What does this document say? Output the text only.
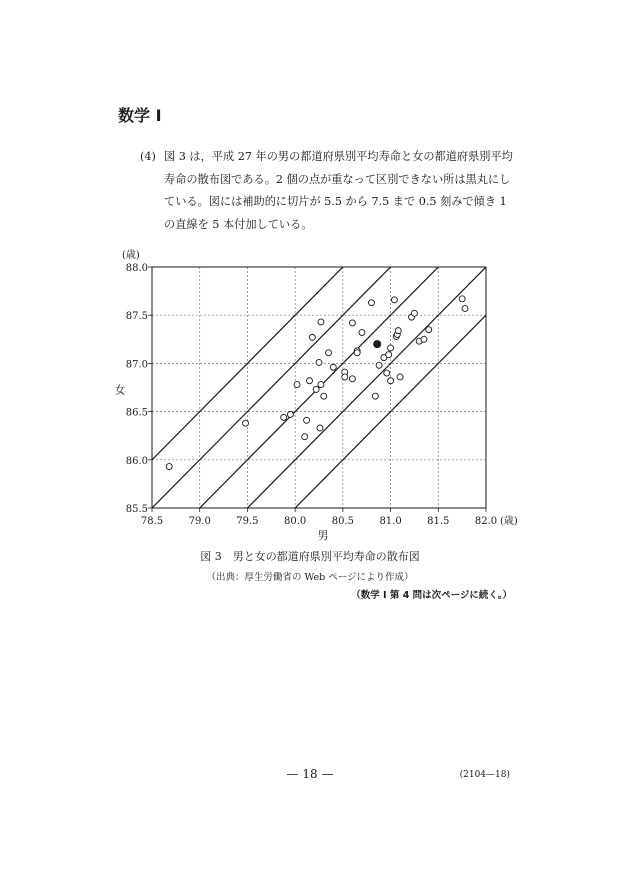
数学 I
(4) 図 3 は，平成 27 年の男の都道府県別平均寿命と女の都道府県別平均寿命の散布図である。2 個の点が重なって区別できない所は黒丸にしている。図には補助的に切片が 5.5 から 7.5 まで 0.5 刻みで傾き 1 の直線を 5 本付加している。
78.5	79.0	79.5	80.0	80.5	81.0	81.5	82.0
85.5
86.0
86.5
87.0
87.5
88.0
(歳)
(歳)
男
女
図 3　男と女の都道府県別平均寿命の散布図
（出典：厚生労働省の Web ページにより作成）
（数学 I 第 4 問は次ページに続く。）
— 18 —	(2104—18)
